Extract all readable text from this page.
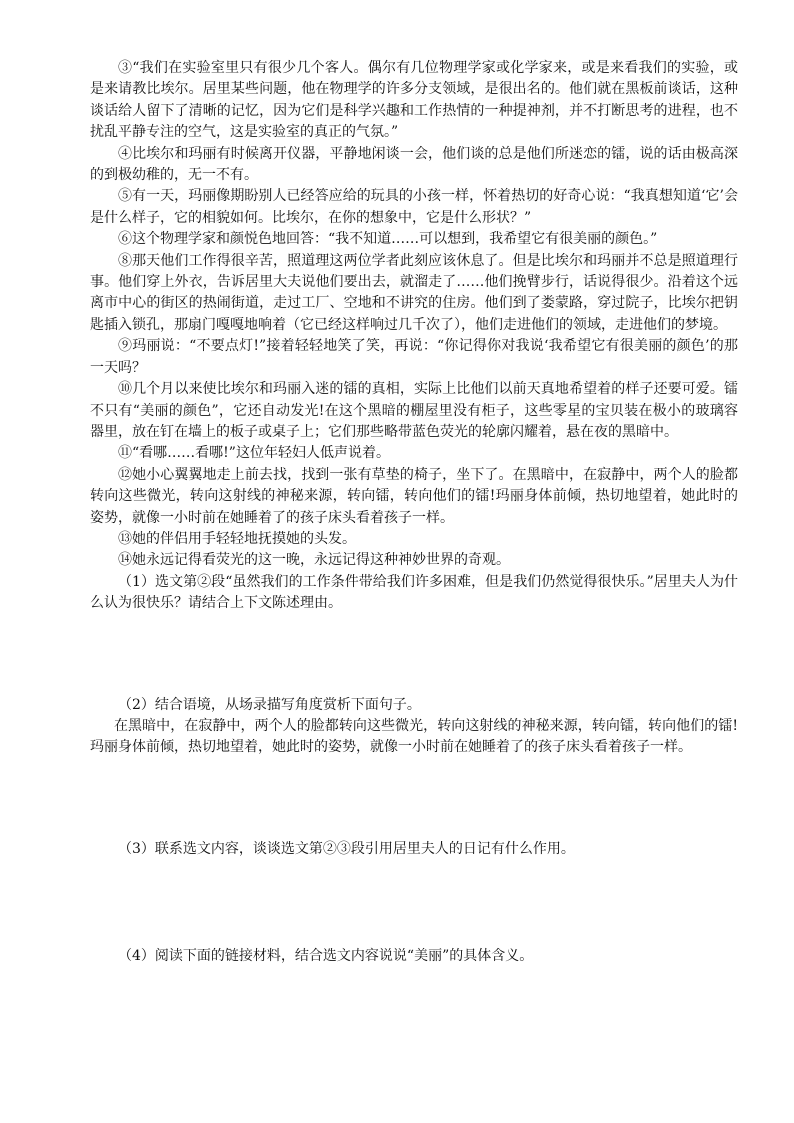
③“我们在实验室里只有很少几个客人。偶尔有几位物理学家或化学家来，或是来看我们的实验，或是来请教比埃尔。居里某些问题，他在物理学的许多分支领域，是很出名的。他们就在黑板前谈话，这种谈话给人留下了清晰的记忆，因为它们是科学兴趣和工作热情的一种提神剂，并不打断思考的进程，也不扰乱平静专注的空气，这是实验室的真正的气氛。”

④比埃尔和玛丽有时候离开仪器，平静地闲谈一会，他们谈的总是他们所迷恋的镭，说的话由极高深的到极幼稚的，无一不有。

⑤有一天，玛丽像期盼别人已经答应给的玩具的小孩一样，怀着热切的好奇心说：“我真想知道‘它’会是什么样子，它的相貌如何。比埃尔，在你的想象中，它是什么形状？”

⑥这个物理学家和颜悦色地回答：“我不知道……可以想到，我希望它有很美丽的颜色。”

⑧那天他们工作得很辛苦，照道理这两位学者此刻应该休息了。但是比埃尔和玛丽并不总是照道理行事。他们穿上外衣，告诉居里大夫说他们要出去，就溜走了……他们挽臂步行，话说得很少。沿着这个远离市中心的街区的热闹街道，走过工厂、空地和不讲究的住房。他们到了娄蒙路，穿过院子，比埃尔把钥匙插入锁孔，那扇门嘎嘎地响着（它已经这样响过几千次了），他们走进他们的领域，走进他们的梦境。

⑨玛丽说：“不要点灯!”接着轻轻地笑了笑，再说：“你记得你对我说‘我希望它有很美丽的颜色’的那一天吗？

⑩几个月以来使比埃尔和玛丽入迷的镭的真相，实际上比他们以前天真地希望着的样子还要可爱。镭不只有“美丽的颜色”，它还自动发光!在这个黑暗的棚屋里没有柜子，这些零星的宝贝装在极小的玻璃容器里，放在钉在墙上的板子或桌子上；它们那些略带蓝色荧光的轮廓闪耀着，悬在夜的黑暗中。

⑪“看哪……看哪!”这位年轻妇人低声说着。

⑫她小心翼翼地走上前去找，找到一张有草垫的椅子，坐下了。在黑暗中，在寂静中，两个人的脸都转向这些微光，转向这射线的神秘来源，转向镭，转向他们的镭!玛丽身体前倾，热切地望着，她此时的姿势，就像一小时前在她睡着了的孩子床头看着孩子一样。

⑬她的伴侣用手轻轻地抚摸她的头发。

⑭她永远记得看荧光的这一晚，永远记得这种神妙世界的奇观。

（1）选文第②段“虽然我们的工作条件带给我们许多困难，但是我们仍然觉得很快乐。”居里夫人为什么认为很快乐？请结合上下文陈述理由。

（2）结合语境，从场录描写角度赏析下面句子。

在黑暗中，在寂静中，两个人的脸都转向这些微光，转向这射线的神秘来源，转向镭，转向他们的镭!玛丽身体前倾，热切地望着，她此时的姿势，就像一小时前在她睡着了的孩子床头看着孩子一样。

（3）联系选文内容，谈谈选文第②③段引用居里夫人的日记有什么作用。

（4）阅读下面的链接材料，结合选文内容说说“美丽”的具体含义。
